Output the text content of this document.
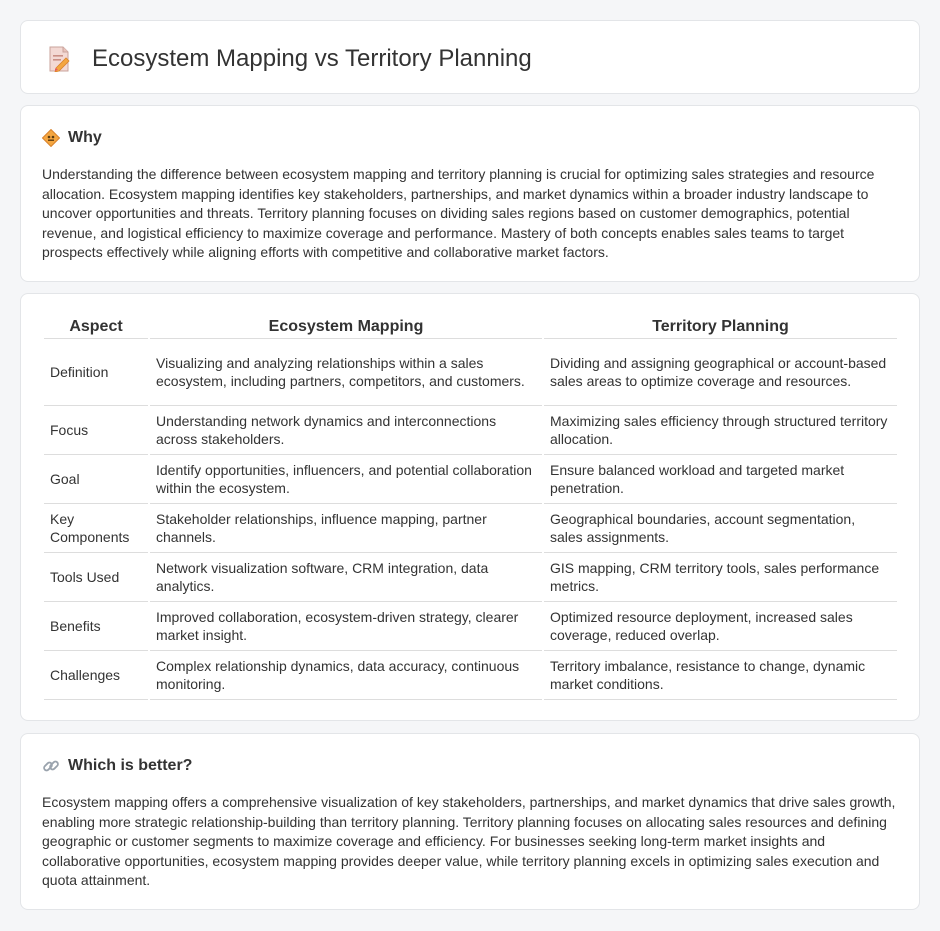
Ecosystem Mapping vs Territory Planning
Why

Understanding the difference between ecosystem mapping and territory planning is crucial for optimizing sales strategies and resource allocation. Ecosystem mapping identifies key stakeholders, partnerships, and market dynamics within a broader industry landscape to uncover opportunities and threats. Territory planning focuses on dividing sales regions based on customer demographics, potential revenue, and logistical efficiency to maximize coverage and performance. Mastery of both concepts enables sales teams to target prospects effectively while aligning efforts with competitive and collaborative market factors.

Aspect	Ecosystem Mapping	Territory Planning
Definition	Visualizing and analyzing relationships within a sales ecosystem, including partners, competitors, and customers.	Dividing and assigning geographical or account-based sales areas to optimize coverage and resources.
Focus	Understanding network dynamics and interconnections across stakeholders.	Maximizing sales efficiency through structured territory allocation.
Goal	Identify opportunities, influencers, and potential collaboration within the ecosystem.	Ensure balanced workload and targeted market penetration.
Key Components	Stakeholder relationships, influence mapping, partner channels.	Geographical boundaries, account segmentation, sales assignments.
Tools Used	Network visualization software, CRM integration, data analytics.	GIS mapping, CRM territory tools, sales performance metrics.
Benefits	Improved collaboration, ecosystem-driven strategy, clearer market insight.	Optimized resource deployment, increased sales coverage, reduced overlap.
Challenges	Complex relationship dynamics, data accuracy, continuous monitoring.	Territory imbalance, resistance to change, dynamic market conditions.
Which is better?

Ecosystem mapping offers a comprehensive visualization of key stakeholders, partnerships, and market dynamics that drive sales growth, enabling more strategic relationship-building than territory planning. Territory planning focuses on allocating sales resources and defining geographic or customer segments to maximize coverage and efficiency. For businesses seeking long-term market insights and collaborative opportunities, ecosystem mapping provides deeper value, while territory planning excels in optimizing sales execution and quota attainment.
